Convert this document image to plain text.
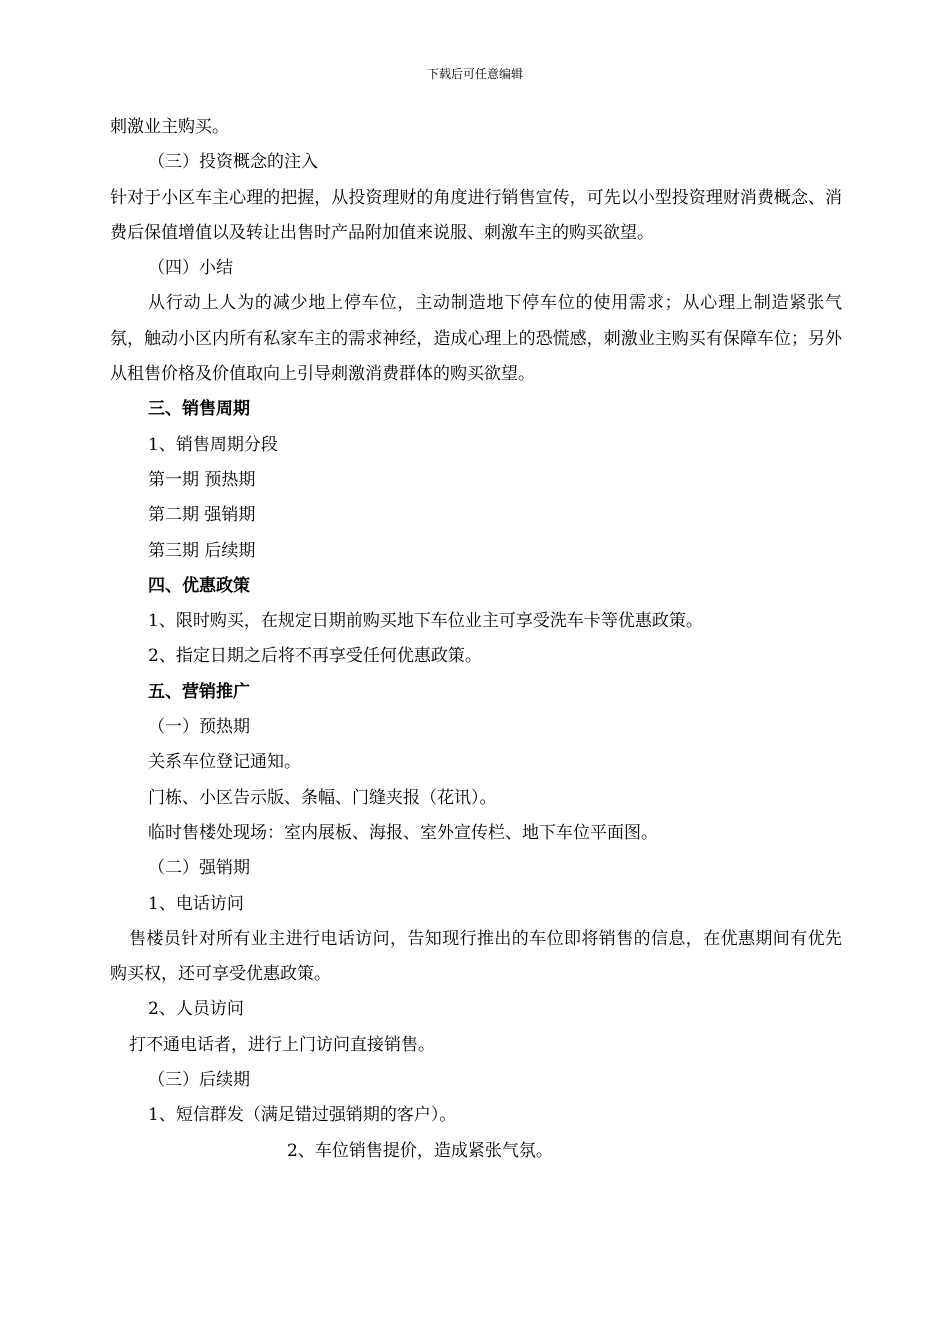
下载后可任意编辑
刺激业主购买。
（三）投资概念的注入
针对于小区车主心理的把握，从投资理财的角度进行销售宣传，可先以小型投资理财消费概念、消费后保值增值以及转让出售时产品附加值来说服、刺激车主的购买欲望。
（四）小结
从行动上人为的减少地上停车位，主动制造地下停车位的使用需求；从心理上制造紧张气氛，触动小区内所有私家车主的需求神经，造成心理上的恐慌感，刺激业主购买有保障车位；另外从租售价格及价值取向上引导刺激消费群体的购买欲望。
三、销售周期
1、销售周期分段
第一期 预热期
第二期 强销期
第三期 后续期
四、优惠政策
1、限时购买，在规定日期前购买地下车位业主可享受洗车卡等优惠政策。
2、指定日期之后将不再享受任何优惠政策。
五、营销推广
（一）预热期
关系车位登记通知。
门栋、小区告示版、条幅、门缝夹报（花讯）。
临时售楼处现场：室内展板、海报、室外宣传栏、地下车位平面图。
（二）强销期
1、电话访问
售楼员针对所有业主进行电话访问，告知现行推出的车位即将销售的信息，在优惠期间有优先购买权，还可享受优惠政策。
2、人员访问
打不通电话者，进行上门访问直接销售。
（三）后续期
1、短信群发（满足错过强销期的客户）。
2、车位销售提价，造成紧张气氛。
